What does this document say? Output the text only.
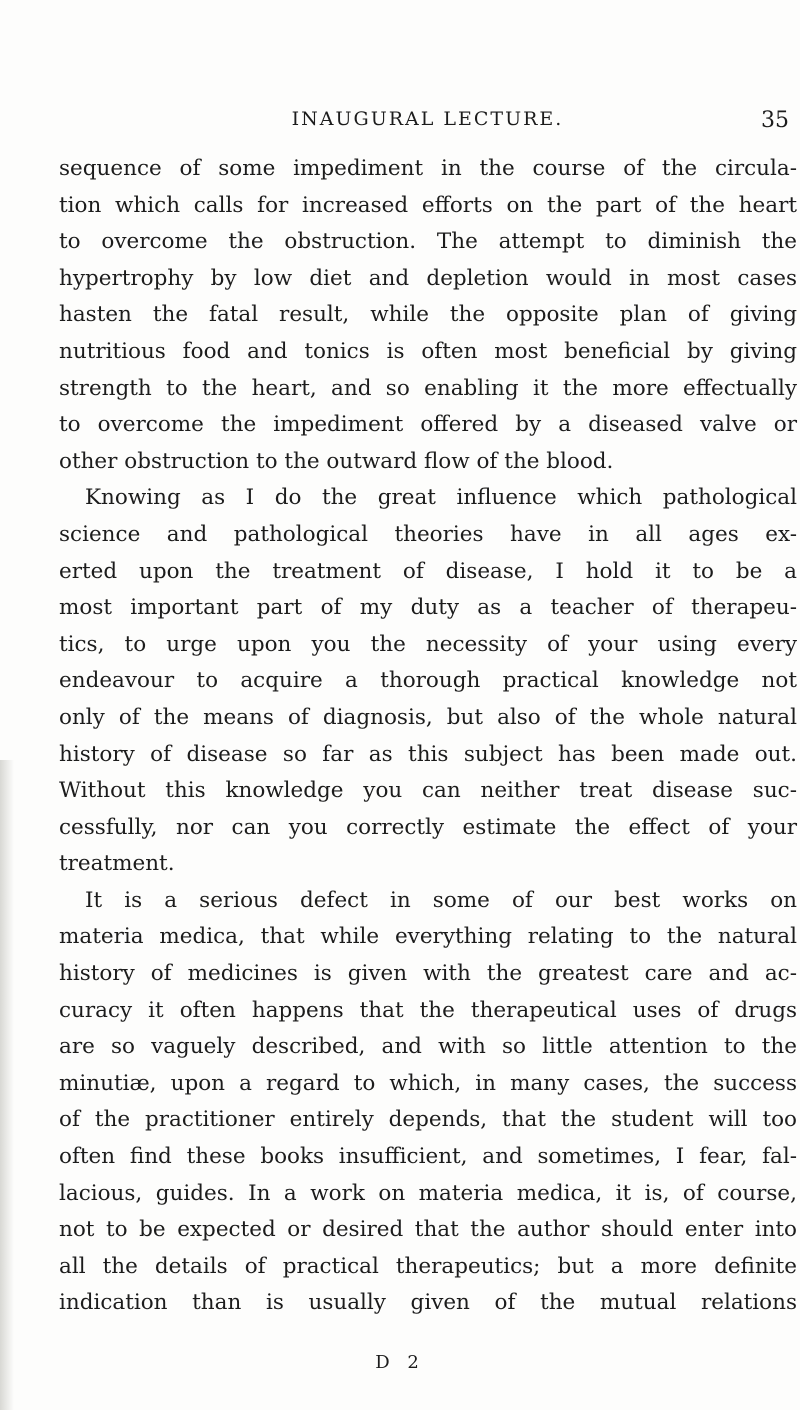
INAUGURAL LECTURE.	35
sequence of some impediment in the course of the circula-
tion which calls for increased efforts on the part of the heart
to overcome the obstruction. The attempt to diminish the
hypertrophy by low diet and depletion would in most cases
hasten the fatal result, while the opposite plan of giving
nutritious food and tonics is often most beneficial by giving
strength to the heart, and so enabling it the more effectually
to overcome the impediment offered by a diseased valve or
other obstruction to the outward flow of the blood.
Knowing as I do the great influence which pathological
science and pathological theories have in all ages ex-
erted upon the treatment of disease, I hold it to be a
most important part of my duty as a teacher of therapeu-
tics, to urge upon you the necessity of your using every
endeavour to acquire a thorough practical knowledge not
only of the means of diagnosis, but also of the whole natural
history of disease so far as this subject has been made out.
Without this knowledge you can neither treat disease suc-
cessfully, nor can you correctly estimate the effect of your
treatment.
It is a serious defect in some of our best works on
materia medica, that while everything relating to the natural
history of medicines is given with the greatest care and ac-
curacy it often happens that the therapeutical uses of drugs
are so vaguely described, and with so little attention to the
minutiæ, upon a regard to which, in many cases, the success
of the practitioner entirely depends, that the student will too
often find these books insufficient, and sometimes, I fear, fal-
lacious, guides. In a work on materia medica, it is, of course,
not to be expected or desired that the author should enter into
all the details of practical therapeutics; but a more definite
indication than is usually given of the mutual relations
D 2
